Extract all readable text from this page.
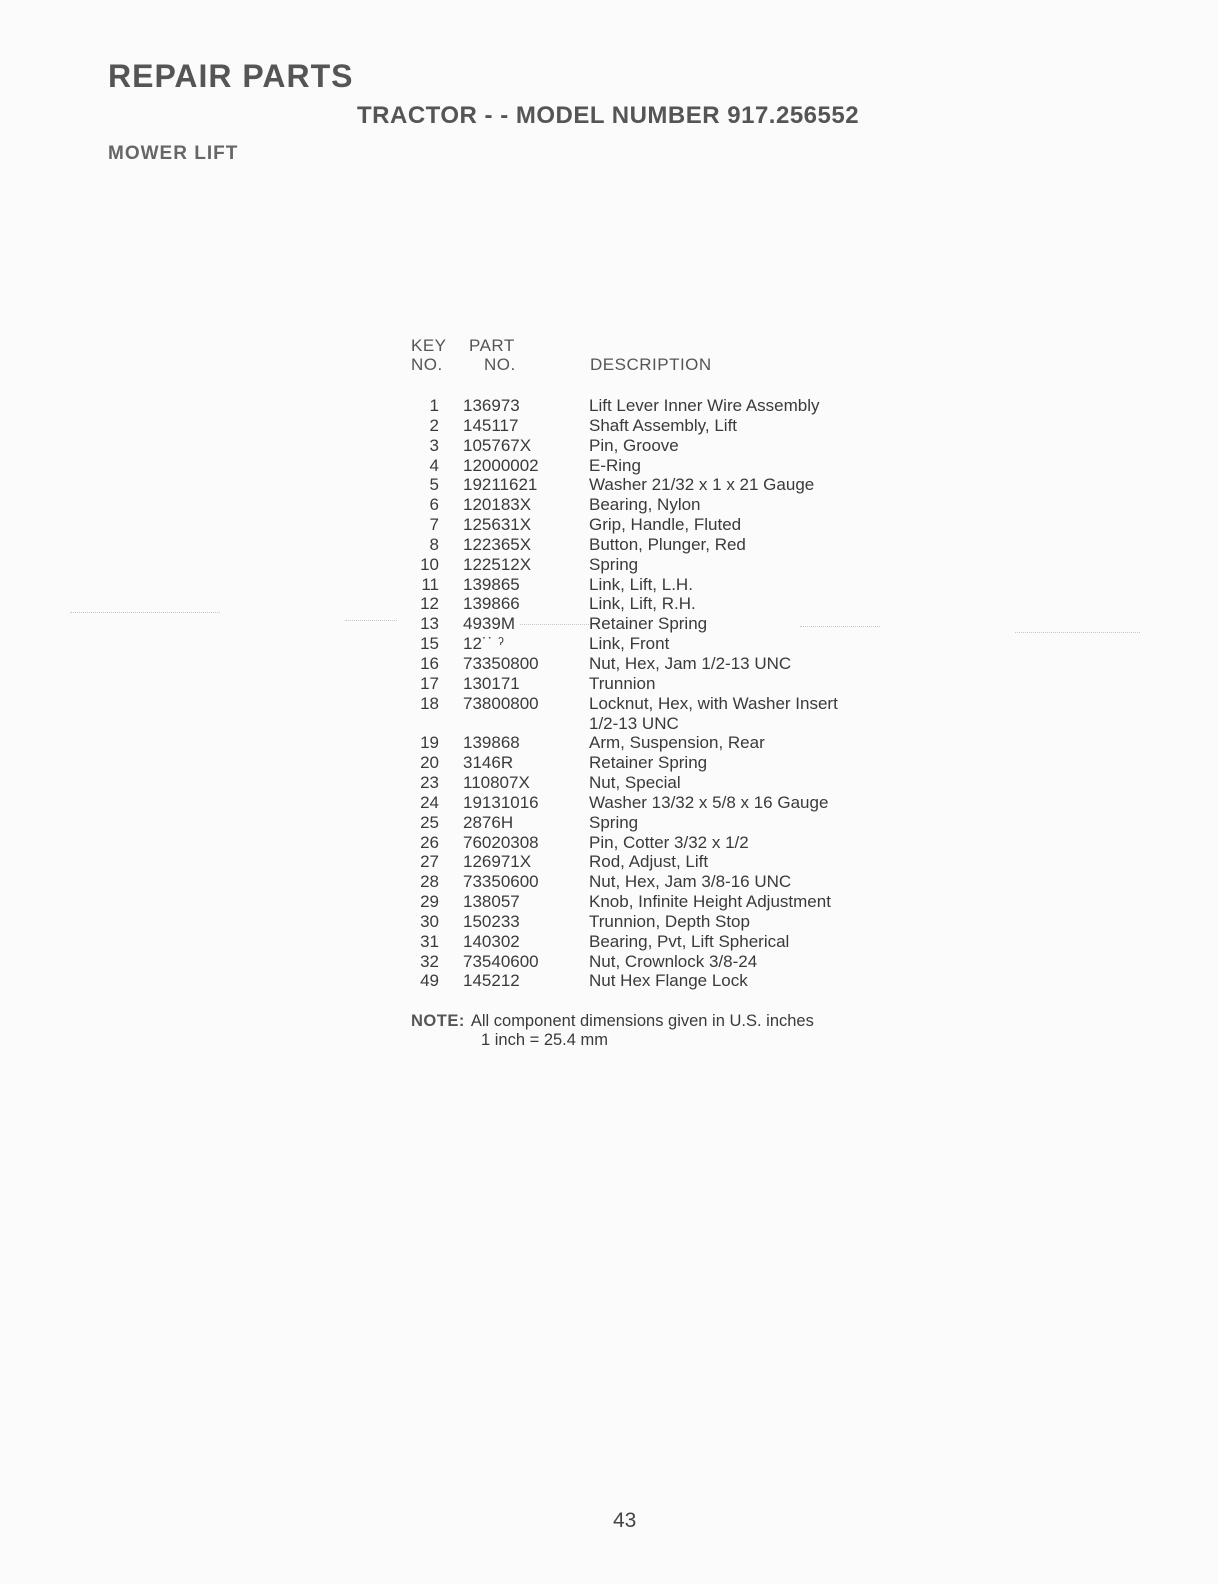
REPAIR PARTS
TRACTOR - - MODEL NUMBER 917.256552
MOWER LIFT
KEY
NO.
PART
NO.	DESCRIPTION
1 136973	Lift Lever Inner Wire Assembly
2 145117	Shaft Assembly, Lift
3 105767X	Pin, Groove
4 12000002	E-Ring
5 19211621	Washer 21/32 x 1 x 21 Gauge
6 120183X	Bearing, Nylon
7 125631X	Grip, Handle, Fluted
8 122365X	Button, Plunger, Red
10 122512X	Spring
11 139865	Link, Lift, L.H.
12 139866	Link, Lift, R.H.
13 4939M	Retainer Spring
15 12˙˙ ˀ	Link, Front
16 73350800	Nut, Hex, Jam 1/2-13 UNC
17 130171	Trunnion
18 73800800	Locknut, Hex, with Washer Insert
1/2-13 UNC
19 139868	Arm, Suspension, Rear
20 3146R	Retainer Spring
23 110807X	Nut, Special
24 19131016	Washer 13/32 x 5/8 x 16 Gauge
25 2876H	Spring
26 76020308	Pin, Cotter 3/32 x 1/2
27 126971X	Rod, Adjust, Lift
28 73350600	Nut, Hex, Jam 3/8-16 UNC
29 138057	Knob, Infinite Height Adjustment
30 150233	Trunnion, Depth Stop
31 140302	Bearing, Pvt, Lift Spherical
32 73540600	Nut, Crownlock 3/8-24
49 145212	Nut Hex Flange Lock
NOTE: All component dimensions given in U.S. inches
1 inch = 25.4 mm
43
